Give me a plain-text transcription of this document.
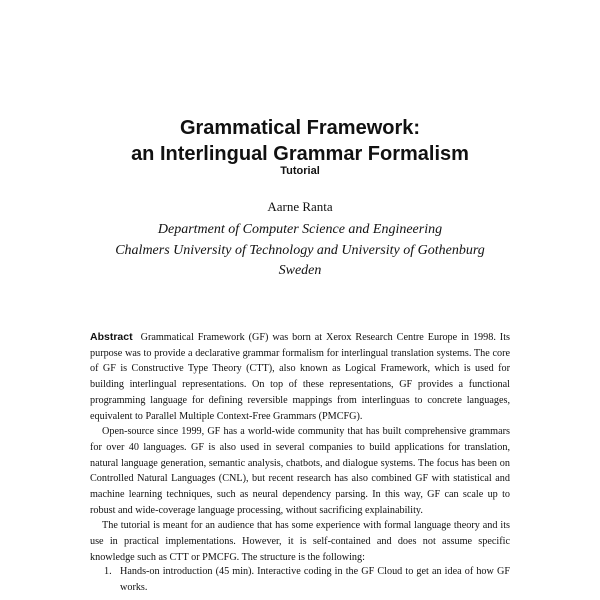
Grammatical Framework:
an Interlingual Grammar Formalism
Tutorial
Aarne Ranta
Department of Computer Science and Engineering
Chalmers University of Technology and University of Gothenburg
Sweden

Abstract Grammatical Framework (GF) was born at Xerox Research Centre Europe in 1998. Its purpose was to provide a declarative grammar formalism for interlingual translation systems. The core of GF is Constructive Type Theory (CTT), also known as Logical Framework, which is used for building interlingual representations. On top of these representations, GF provides a functional programming language for defining reversible mappings from interlinguas to concrete languages, equivalent to Parallel Multiple Context-Free Grammars (PMCFG).

Open-source since 1999, GF has a world-wide community that has built comprehensive grammars for over 40 languages. GF is also used in several companies to build applications for translation, natural language generation, semantic analysis, chatbots, and dialogue systems. The focus has been on Controlled Natural Languages (CNL), but recent research has also combined GF with statistical and machine learning techniques, such as neural dependency parsing. In this way, GF can scale up to robust and wide-coverage language processing, without sacrificing explainability.

The tutorial is meant for an audience that has some experience with formal language theory and its use in practical implementations. However, it is self-contained and does not assume specific knowledge such as CTT or PMCFG. The structure is the following:

1. Hands-on introduction (45 min). Interactive coding in the GF Cloud to get an idea of how GF works.
